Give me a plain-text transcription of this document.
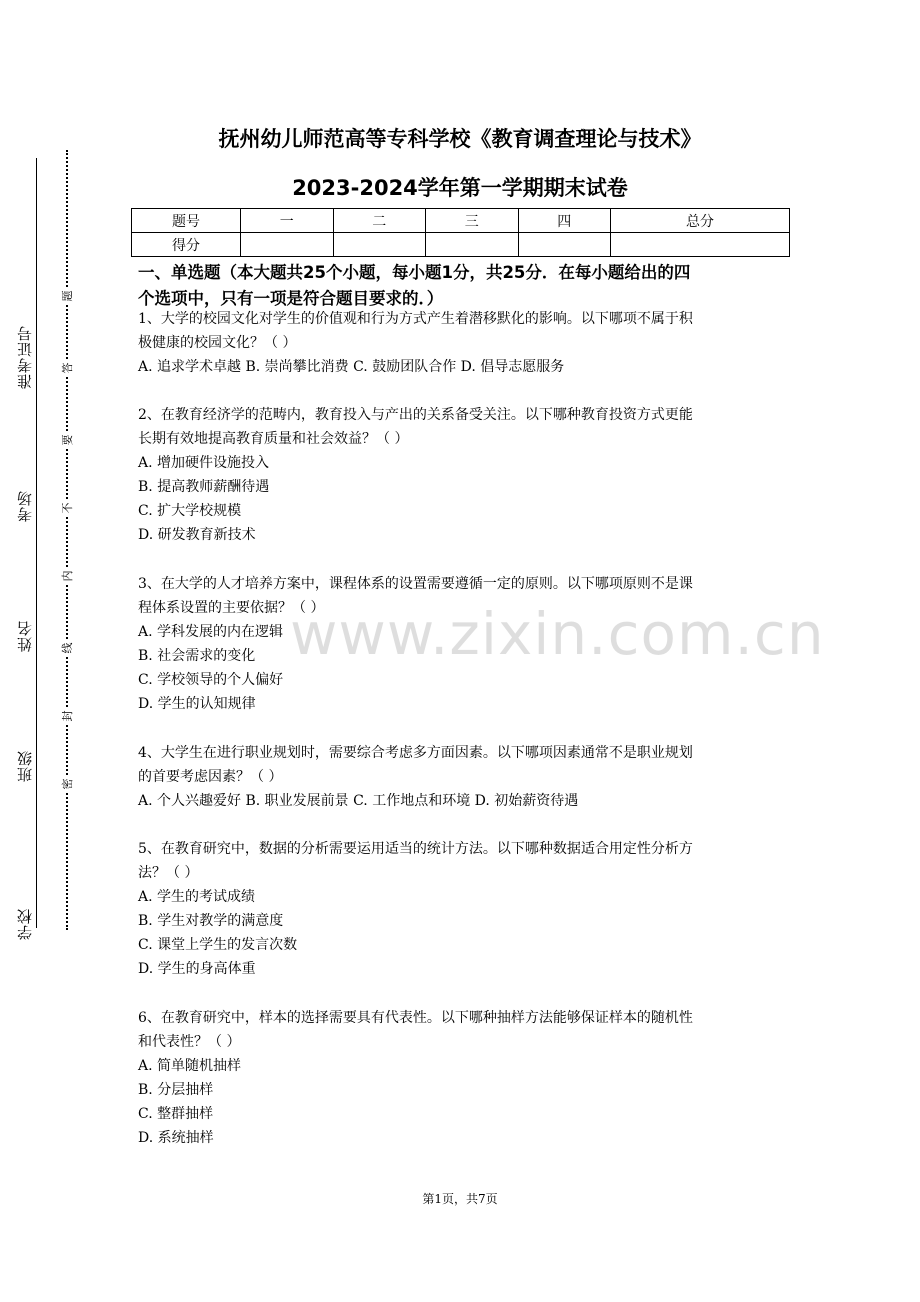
准考证号
考场
姓名
班级
学校
题
答
要
不
内
线
封
密
抚州幼儿师范高等专科学校《教育调查理论与技术》
2023-2024学年第一学期期末试卷
题号	一	二	三	四	总分
得分					
一、单选题（本大题共25个小题，每小题1分，共25分．在每小题给出的四
个选项中，只有一项是符合题目要求的．）
www.zixin.com.cn

1、大学的校园文化对学生的价值观和行为方式产生着潜移默化的影响。以下哪项不属于积

极健康的校园文化？（ ）

A. 追求学术卓越 B. 崇尚攀比消费 C. 鼓励团队合作 D. 倡导志愿服务

2、在教育经济学的范畴内，教育投入与产出的关系备受关注。以下哪种教育投资方式更能

长期有效地提高教育质量和社会效益？（ ）

A. 增加硬件设施投入

B. 提高教师薪酬待遇

C. 扩大学校规模

D. 研发教育新技术

3、在大学的人才培养方案中，课程体系的设置需要遵循一定的原则。以下哪项原则不是课

程体系设置的主要依据？（ ）

A. 学科发展的内在逻辑

B. 社会需求的变化

C. 学校领导的个人偏好

D. 学生的认知规律

4、大学生在进行职业规划时，需要综合考虑多方面因素。以下哪项因素通常不是职业规划

的首要考虑因素？（ ）

A. 个人兴趣爱好 B. 职业发展前景 C. 工作地点和环境 D. 初始薪资待遇

5、在教育研究中，数据的分析需要运用适当的统计方法。以下哪种数据适合用定性分析方

法？（ ）

A. 学生的考试成绩

B. 学生对教学的满意度

C. 课堂上学生的发言次数

D. 学生的身高体重

6、在教育研究中，样本的选择需要具有代表性。以下哪种抽样方法能够保证样本的随机性

和代表性？（ ）

A. 简单随机抽样

B. 分层抽样

C. 整群抽样

D. 系统抽样

第1页，共7页
